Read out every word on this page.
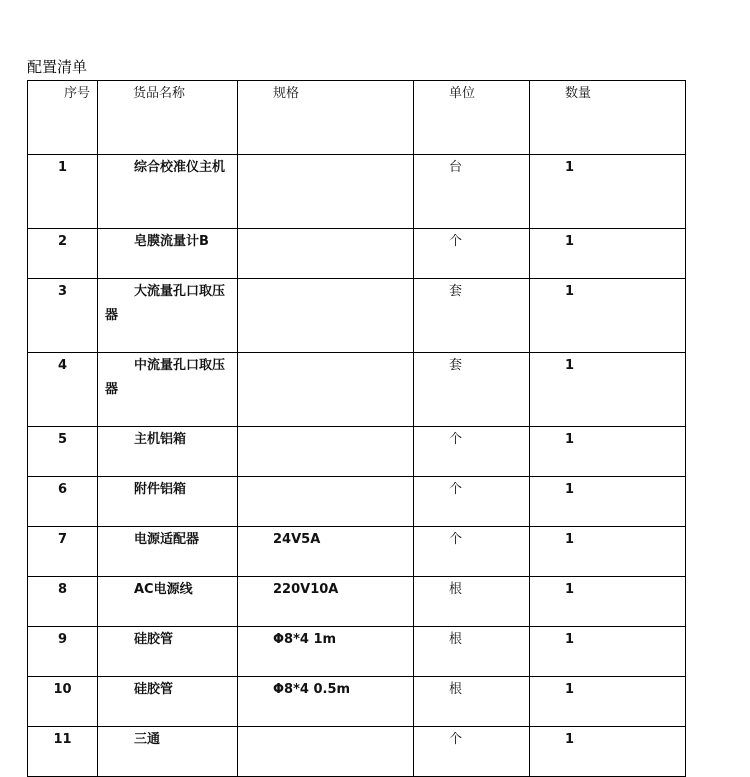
配置清单
序号	货品名称	规格	单位	数量

1	综合校准仪主机		台	1

2	皂膜流量计B		个	1

3	大流量孔口取压器		套	1

4	中流量孔口取压器		套	1

5	主机铝箱		个	1

6	附件铝箱		个	1

7	电源适配器	24V5A	个	1

8	AC电源线	220V10A	根	1

9	硅胶管	Φ8*4 1m	根	1

10	硅胶管	Φ8*4 0.5m	根	1

11	三通		个	1
